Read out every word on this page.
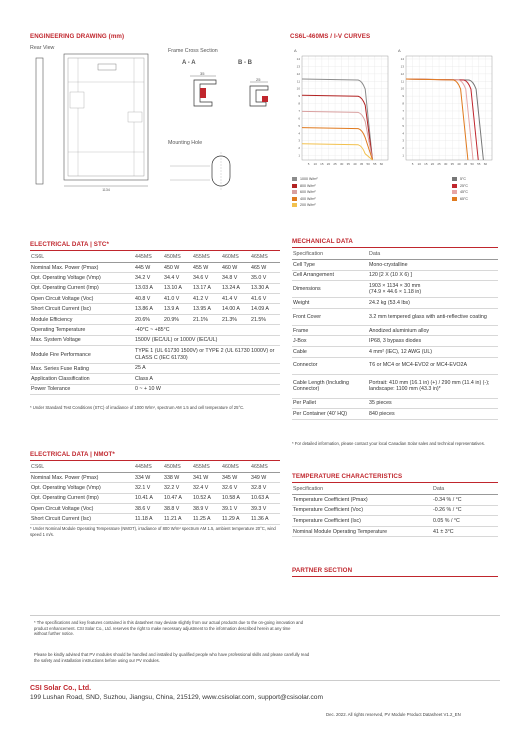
ENGINEERING DRAWING (mm)
Rear View
1134
Frame Cross Section
A - A	B - B
35
25
Mounting Hole
CS6L-460MS / I-V CURVES
A
14
13
12
11
10
9
8
7
6
5
4
3
2
1
5 10 15 20 25 30 35 40 45 50 55 60
A
14
13
12
11
10
9
8
7
6
5
4
3
2
1
5 10 15 20 25 30 35 40 45 50 55 60
1000 W/m²
800 W/m²
600 W/m²
400 W/m²
200 W/m²
5°C
25°C
45°C
65°C
ELECTRICAL DATA | STC*
CS6L	445MS	450MS	455MS	460MS	465MS
Nominal Max. Power (Pmax)	445 W	450 W	455 W	460 W	465 W
Opt. Operating Voltage (Vmp)	34.2 V	34.4 V	34.6 V	34.8 V	35.0 V
Opt. Operating Current (Imp)	13.03 A	13.10 A	13.17 A	13.24 A	13.30 A
Open Circuit Voltage (Voc)	40.8 V	41.0 V	41.2 V	41.4 V	41.6 V
Short Circuit Current (Isc)	13.86 A	13.9 A	13.95 A	14.00 A	14.09 A
Module Efficiency	20.6%	20.9%	21.1%	21.3%	21.5%
Operating Temperature	-40°C ~ +85°C				
Max. System Voltage	1500V (IEC/UL) or 1000V (IEC/UL)				
Module Fire Performance	TYPE 1 (UL 61730 1500V) or TYPE 2 (UL 61730 1000V) or CLASS C (IEC 61730)				
Max. Series Fuse Rating	25 A				
Application Classification	Class A				
Power Tolerance	0 ~ + 10 W				
* Under Standard Test Conditions (STC) of irradiance of 1000 W/m², spectrum AM 1.5 and cell temperature of 25°C.
ELECTRICAL DATA | NMOT*
CS6L	445MS	450MS	455MS	460MS	465MS
Nominal Max. Power (Pmax)	334 W	338 W	341 W	345 W	349 W
Opt. Operating Voltage (Vmp)	32.1 V	32.2 V	32.4 V	32.6 V	32.8 V
Opt. Operating Current (Imp)	10.41 A	10.47 A	10.52 A	10.58 A	10.63 A
Open Circuit Voltage (Voc)	38.6 V	38.8 V	38.9 V	39.1 V	39.3 V
Short Circuit Current (Isc)	11.18 A	11.21 A	11.25 A	11.29 A	11.36 A
* Under Nominal Module Operating Temperature (NMOT), irradiance of 800 W/m² spectrum AM 1.5, ambient temperature 20°C, wind speed 1 m/s.
MECHANICAL DATA
Specification	Data
Cell Type	Mono-crystalline
Cell Arrangement	120 [2 X (10 X 6) ]
Dimensions	1903 × 1134 × 30 mm
(74.9 × 44.6 × 1.18 in)
Weight	24.2 kg (53.4 lbs)
Front Cover	3.2 mm tempered glass with anti-reflective coating
Frame	Anodized aluminium alloy
J-Box	IP68, 3 bypass diodes
Cable	4 mm² (IEC), 12 AWG (UL)
Connector	T6 or MC4 or MC4-EVO2 or MC4-EVO2A
Cable Length (Including Connector)	Portrait: 410 mm (16.1 in) (+) / 290 mm (11.4 in) (-); landscape: 1100 mm (43.3 in)*
Per Pallet	35 pieces
Per Container (40' HQ)	840 pieces
* For detailed information, please contact your local Canadian Solar sales and technical representatives.
TEMPERATURE CHARACTERISTICS
Specification	Data
Temperature Coefficient (Pmax)	-0.34 % / °C
Temperature Coefficient (Voc)	-0.26 % / °C
Temperature Coefficient (Isc)	0.05 % / °C
Nominal Module Operating Temperature	41 ± 3°C
PARTNER SECTION
* The specifications and key features contained in this datasheet may deviate slightly from our actual products due to the on-going innovation and product enhancement. CSI Solar Co., Ltd. reserves the right to make necessary adjustment to the information described herein at any time without further notice.
Please be kindly advised that PV modules should be handled and installed by qualified people who have professional skills and please carefully read the safety and installation instructions before using our PV modules.
CSI Solar Co., Ltd.
199 Lushan Road, SND, Suzhou, Jiangsu, China, 215129, www.csisolar.com, support@csisolar.com
Dec. 2022. All rights reserved, PV Module Product Datasheet V1.2_EN
